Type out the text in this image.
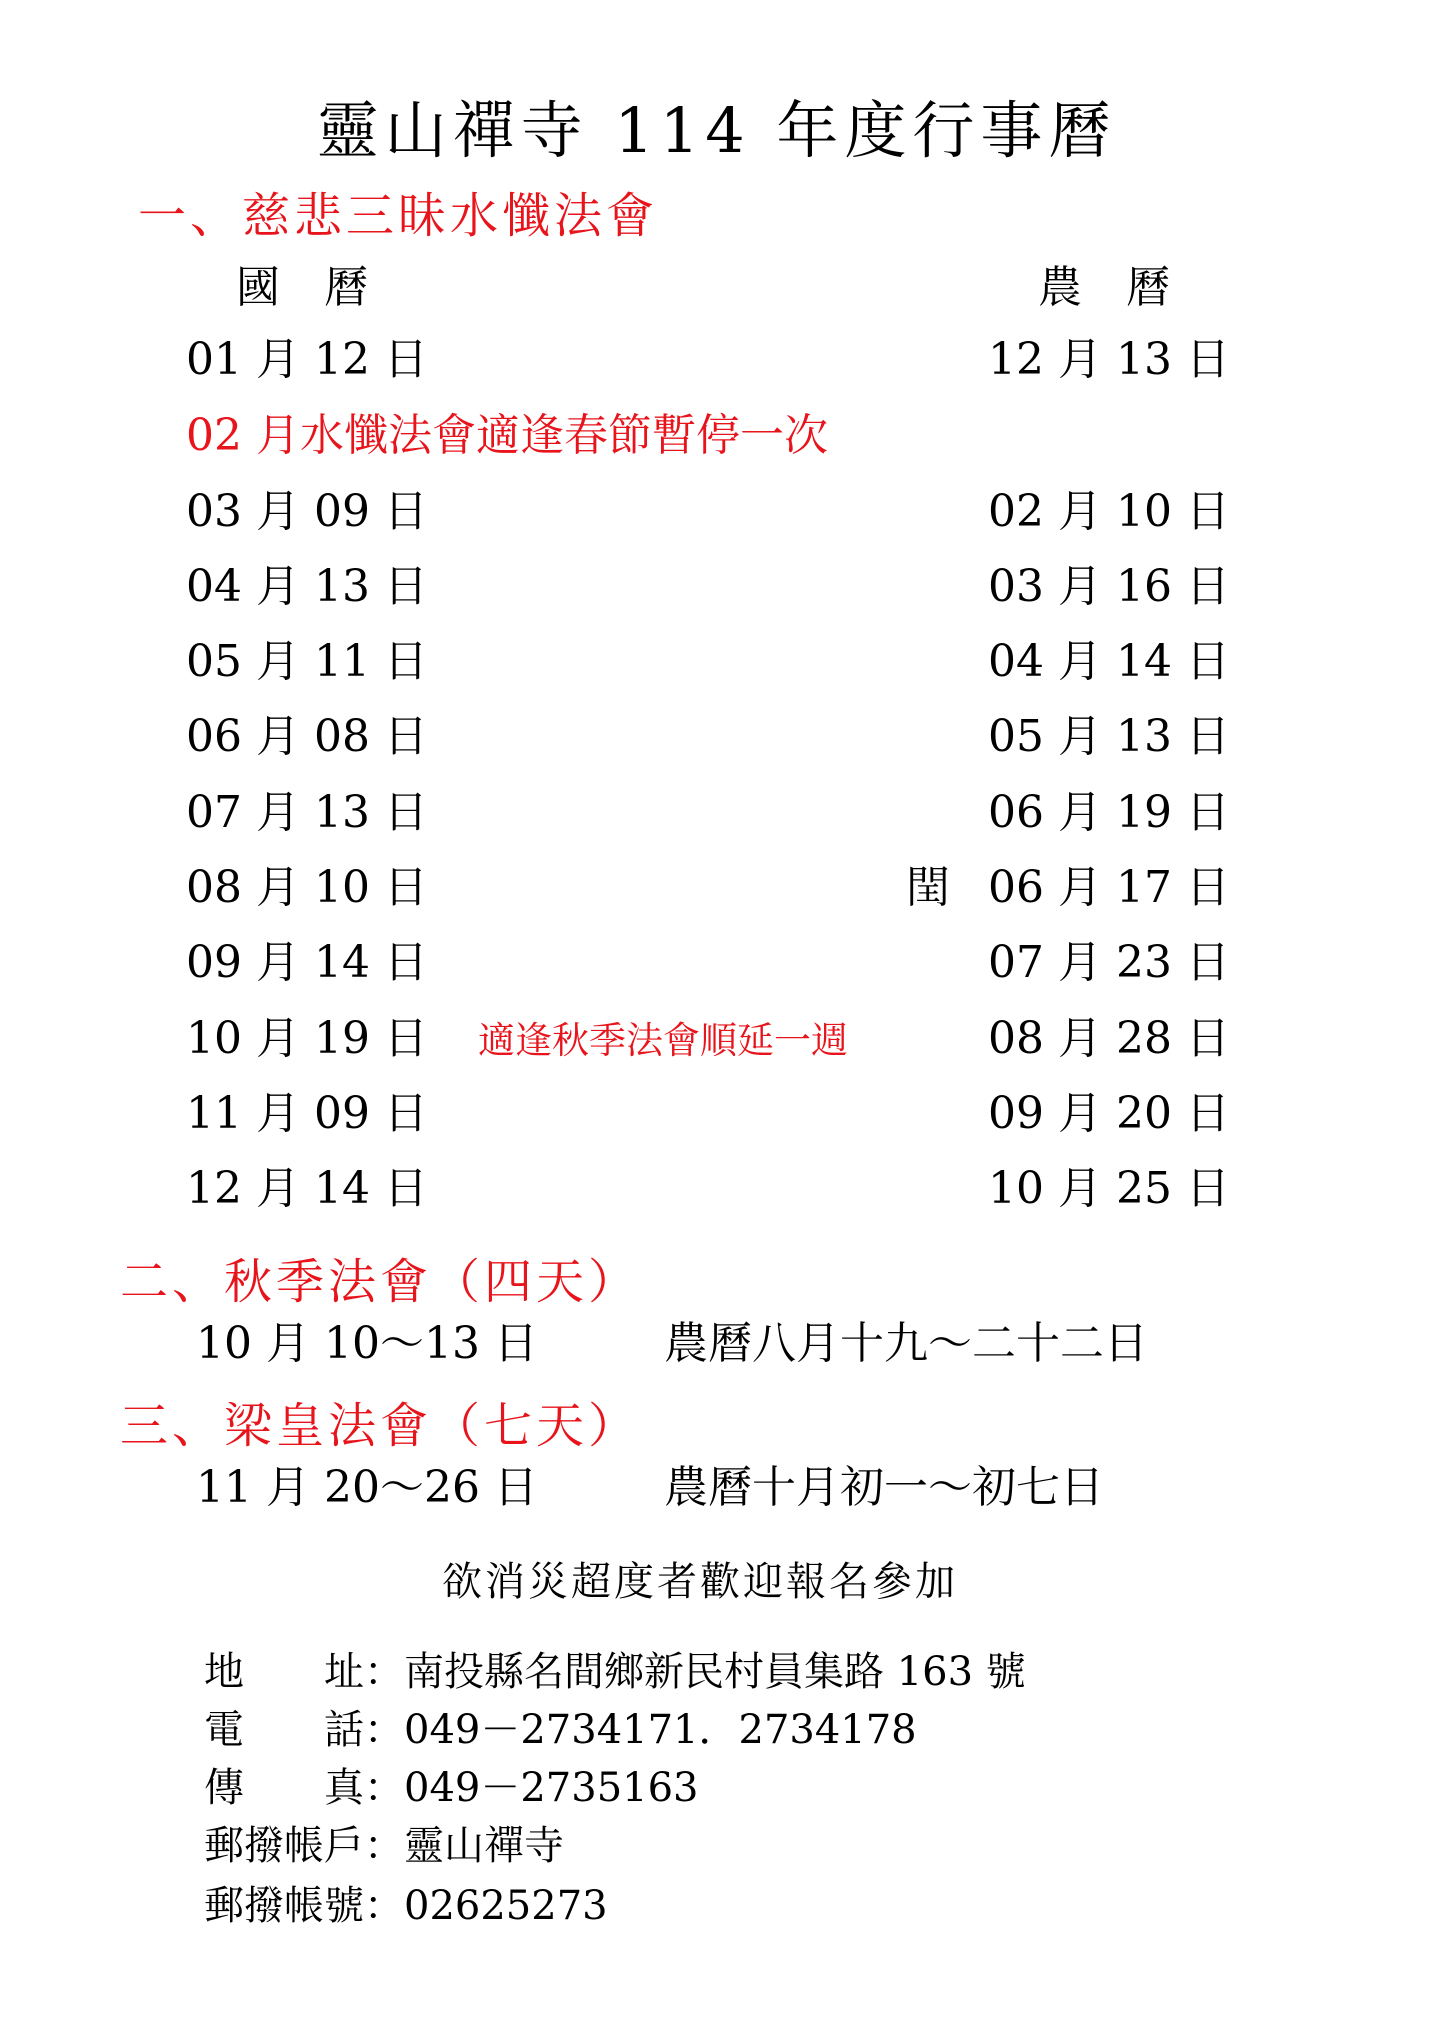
靈山禪寺 114 年度行事曆
一、慈悲三昧水懺法會
國　曆	農　曆
01 月 12 日	12 月 13 日
02 月水懺法會適逢春節暫停一次
03 月 09 日	02 月 10 日
04 月 13 日	03 月 16 日
05 月 11 日	04 月 14 日
06 月 08 日	05 月 13 日
07 月 13 日	06 月 19 日
08 月 10 日	閏 06 月 17 日
09 月 14 日	07 月 23 日
10 月 19 日 適逢秋季法會順延一週	08 月 28 日
11 月 09 日	09 月 20 日
12 月 14 日	10 月 25 日
二、秋季法會（四天）
10 月 10～13 日	農曆八月十九～二十二日
三、梁皇法會（七天）
11 月 20～26 日	農曆十月初一～初七日
欲消災超度者歡迎報名參加
地　　址 ：南投縣名間鄉新民村員集路 163 號
電　　話 ：049－2734171．2734178
傳　　真 ：049－2735163
郵撥帳戶 ：靈山禪寺
郵撥帳號 ：02625273
